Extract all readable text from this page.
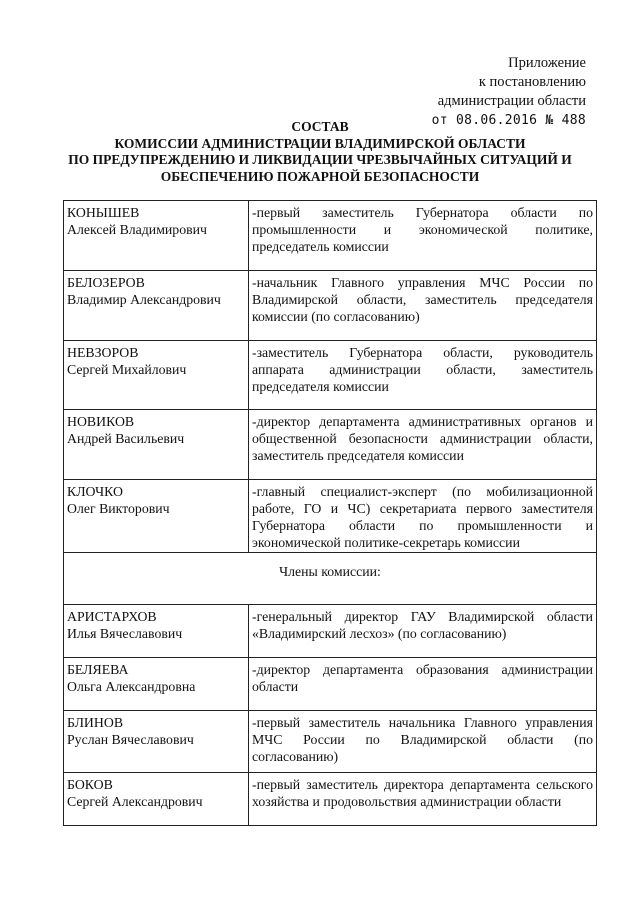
Приложение
к постановлению
администрации области
от 08.06.2016 № 488
СОСТАВ
КОМИССИИ АДМИНИСТРАЦИИ ВЛАДИМИРСКОЙ ОБЛАСТИ
ПО ПРЕДУПРЕЖДЕНИЮ И ЛИКВИДАЦИИ ЧРЕЗВЫЧАЙНЫХ СИТУАЦИЙ И
ОБЕСПЕЧЕНИЮ ПОЖАРНОЙ БЕЗОПАСНОСТИ
КОНЫШЕВ
Алексей Владимирович	-первый заместитель Губернатора области по промышленности и экономической политике, председатель комиссии

БЕЛОЗЕРОВ
Владимир Александрович	-начальник Главного управления МЧС России по Владимирской области, заместитель председателя комиссии (по согласованию)

НЕВЗОРОВ
Сергей Михайлович	-заместитель Губернатора области, руководитель аппарата администрации области, заместитель председателя комиссии

НОВИКОВ
Андрей Васильевич	-директор департамента административных органов и общественной безопасности администрации области, заместитель председателя комиссии

КЛОЧКО
Олег Викторович	-главный специалист-эксперт (по мобилизационной работе, ГО и ЧС) секретариата первого заместителя Губернатора области по промышленности и экономической политике-секретарь комиссии
Члены комиссии:	

АРИСТАРХОВ
Илья Вячеславович	-генеральный директор ГАУ Владимирской области «Владимирский лесхоз» (по согласованию)

БЕЛЯЕВА
Ольга Александровна	-директор департамента образования администрации области

БЛИНОВ
Руслан Вячеславович	-первый заместитель начальника Главного управления МЧС России по Владимирской области (по согласованию)

БОКОВ
Сергей Александрович	-первый заместитель директора департамента сельского хозяйства и продовольствия администрации области
